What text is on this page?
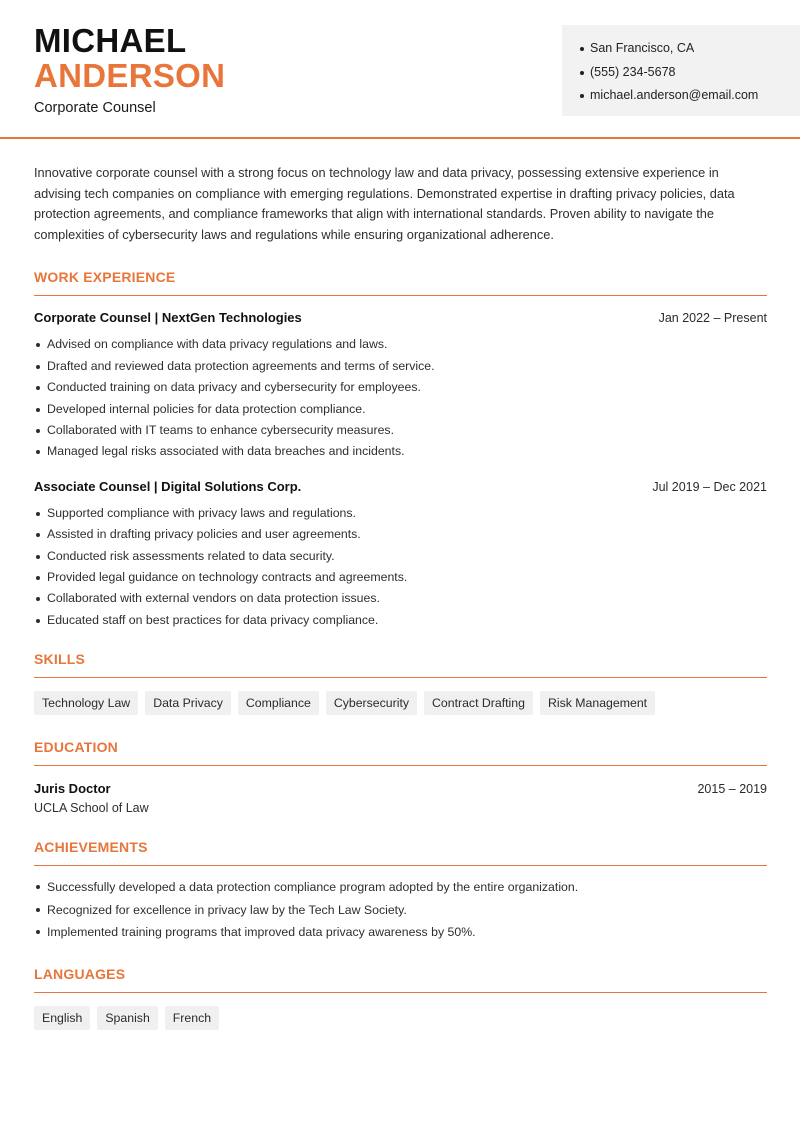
MICHAEL
ANDERSON
Corporate Counsel
San Francisco, CA
(555) 234-5678
michael.anderson@email.com

Innovative corporate counsel with a strong focus on technology law and data privacy, possessing extensive experience in advising tech companies on compliance with emerging regulations. Demonstrated expertise in drafting privacy policies, data protection agreements, and compliance frameworks that align with international standards. Proven ability to navigate the complexities of cybersecurity laws and regulations while ensuring organizational adherence.

WORK EXPERIENCE
Corporate Counsel | NextGen Technologies	Jan 2022 – Present
Advised on compliance with data privacy regulations and laws.
Drafted and reviewed data protection agreements and terms of service.
Conducted training on data privacy and cybersecurity for employees.
Developed internal policies for data protection compliance.
Collaborated with IT teams to enhance cybersecurity measures.
Managed legal risks associated with data breaches and incidents.
Associate Counsel | Digital Solutions Corp.	Jul 2019 – Dec 2021
Supported compliance with privacy laws and regulations.
Assisted in drafting privacy policies and user agreements.
Conducted risk assessments related to data security.
Provided legal guidance on technology contracts and agreements.
Collaborated with external vendors on data protection issues.
Educated staff on best practices for data privacy compliance.
SKILLS
Technology Law	Data Privacy	Compliance	Cybersecurity	Contract Drafting	Risk Management
EDUCATION
Juris Doctor	2015 – 2019
UCLA School of Law
ACHIEVEMENTS
Successfully developed a data protection compliance program adopted by the entire organization.
Recognized for excellence in privacy law by the Tech Law Society.
Implemented training programs that improved data privacy awareness by 50%.
LANGUAGES
English	Spanish	French
